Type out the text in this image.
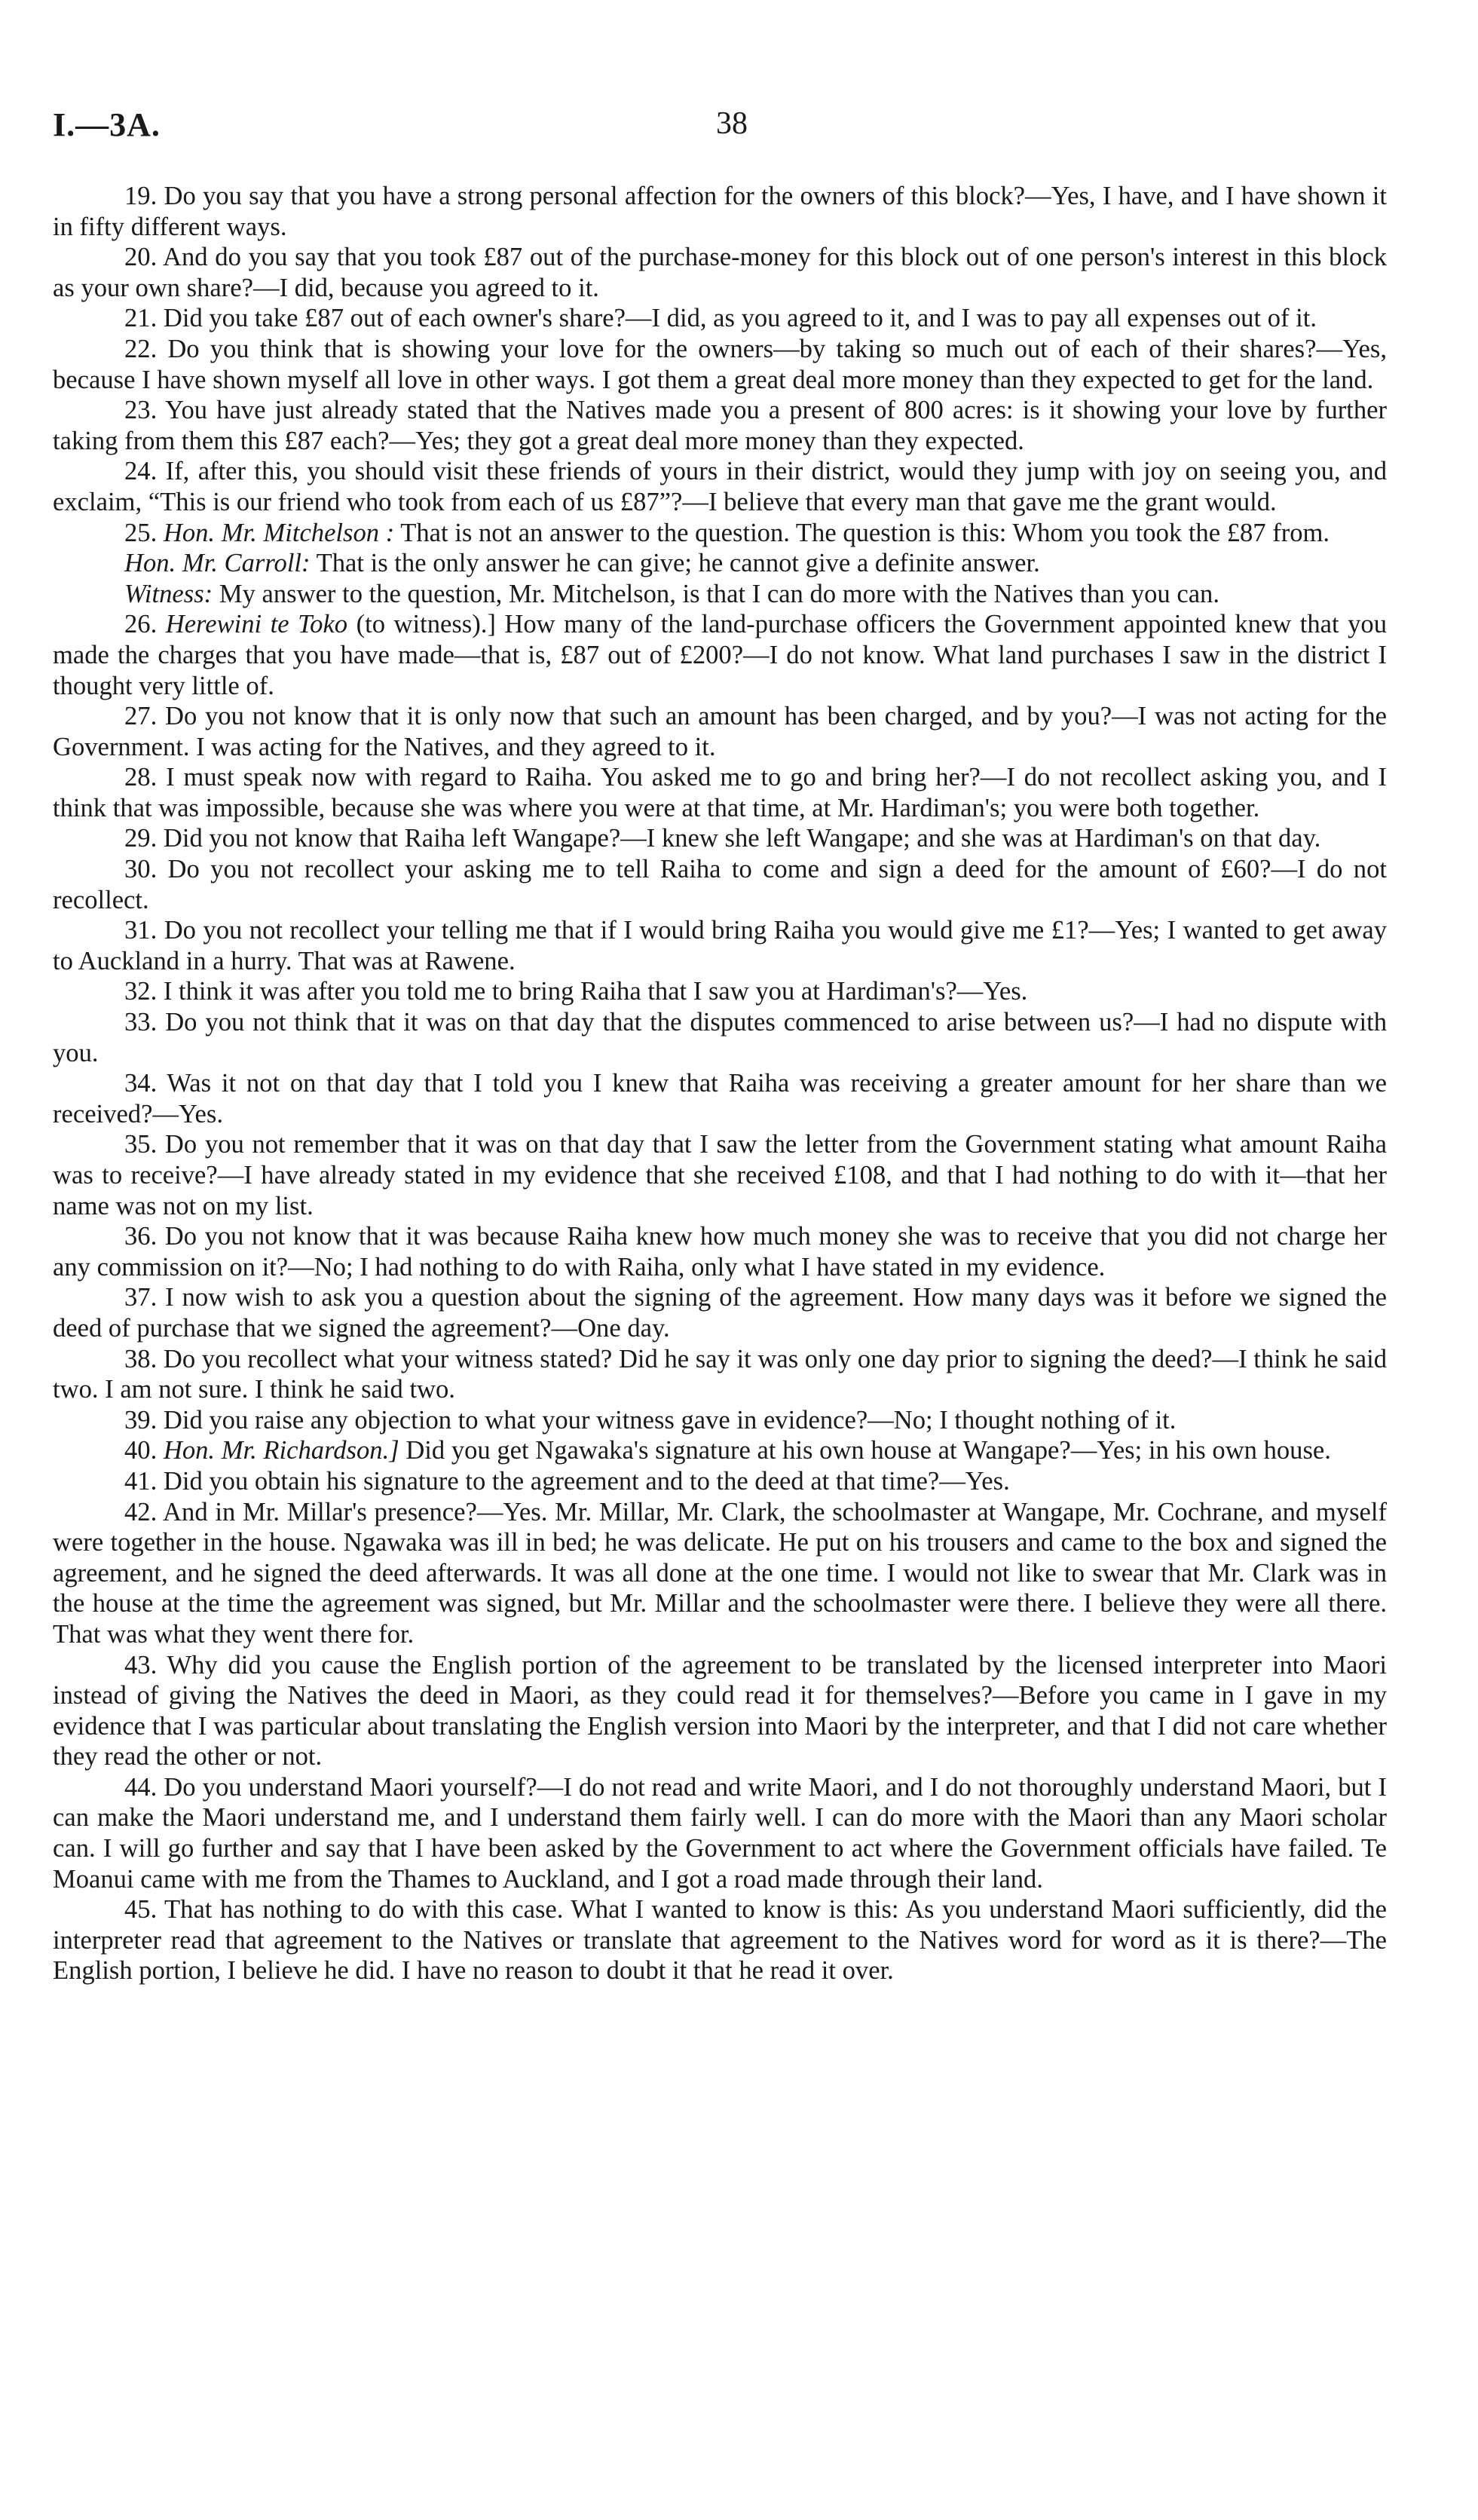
I.—3A.	38

19. Do you say that you have a strong personal affection for the owners of this block?—Yes, I have, and I have shown it in fifty different ways.

20. And do you say that you took £87 out of the purchase-money for this block out of one person's interest in this block as your own share?—I did, because you agreed to it.

21. Did you take £87 out of each owner's share?—I did, as you agreed to it, and I was to pay all expenses out of it.

22. Do you think that is showing your love for the owners—by taking so much out of each of their shares?—Yes, because I have shown myself all love in other ways. I got them a great deal more money than they expected to get for the land.

23. You have just already stated that the Natives made you a present of 800 acres: is it showing your love by further taking from them this £87 each?—Yes; they got a great deal more money than they expected.

24. If, after this, you should visit these friends of yours in their district, would they jump with joy on seeing you, and exclaim, “This is our friend who took from each of us £87”?—I believe that every man that gave me the grant would.

25. Hon. Mr. Mitchelson : That is not an answer to the question. The question is this: Whom you took the £87 from.

Hon. Mr. Carroll: That is the only answer he can give; he cannot give a definite answer.

Witness: My answer to the question, Mr. Mitchelson, is that I can do more with the Natives than you can.

26. Herewini te Toko (to witness).] How many of the land-purchase officers the Government appointed knew that you made the charges that you have made—that is, £87 out of £200?—I do not know. What land purchases I saw in the district I thought very little of.

27. Do you not know that it is only now that such an amount has been charged, and by you?—I was not acting for the Government. I was acting for the Natives, and they agreed to it.

28. I must speak now with regard to Raiha. You asked me to go and bring her?—I do not recollect asking you, and I think that was impossible, because she was where you were at that time, at Mr. Hardiman's; you were both together.

29. Did you not know that Raiha left Wangape?—I knew she left Wangape; and she was at Hardiman's on that day.

30. Do you not recollect your asking me to tell Raiha to come and sign a deed for the amount of £60?—I do not recollect.

31. Do you not recollect your telling me that if I would bring Raiha you would give me £1?—Yes; I wanted to get away to Auckland in a hurry. That was at Rawene.

32. I think it was after you told me to bring Raiha that I saw you at Hardiman's?—Yes.

33. Do you not think that it was on that day that the disputes commenced to arise between us?—I had no dispute with you.

34. Was it not on that day that I told you I knew that Raiha was receiving a greater amount for her share than we received?—Yes.

35. Do you not remember that it was on that day that I saw the letter from the Government stating what amount Raiha was to receive?—I have already stated in my evidence that she received £108, and that I had nothing to do with it—that her name was not on my list.

36. Do you not know that it was because Raiha knew how much money she was to receive that you did not charge her any commission on it?—No; I had nothing to do with Raiha, only what I have stated in my evidence.

37. I now wish to ask you a question about the signing of the agreement. How many days was it before we signed the deed of purchase that we signed the agreement?—One day.

38. Do you recollect what your witness stated? Did he say it was only one day prior to signing the deed?—I think he said two. I am not sure. I think he said two.

39. Did you raise any objection to what your witness gave in evidence?—No; I thought nothing of it.

40. Hon. Mr. Richardson.] Did you get Ngawaka's signature at his own house at Wangape?—Yes; in his own house.

41. Did you obtain his signature to the agreement and to the deed at that time?—Yes.

42. And in Mr. Millar's presence?—Yes. Mr. Millar, Mr. Clark, the schoolmaster at Wangape, Mr. Cochrane, and myself were together in the house. Ngawaka was ill in bed; he was delicate. He put on his trousers and came to the box and signed the agreement, and he signed the deed afterwards. It was all done at the one time. I would not like to swear that Mr. Clark was in the house at the time the agreement was signed, but Mr. Millar and the schoolmaster were there. I believe they were all there. That was what they went there for.

43. Why did you cause the English portion of the agreement to be translated by the licensed interpreter into Maori instead of giving the Natives the deed in Maori, as they could read it for themselves?—Before you came in I gave in my evidence that I was particular about translating the English version into Maori by the interpreter, and that I did not care whether they read the other or not.

44. Do you understand Maori yourself?—I do not read and write Maori, and I do not thoroughly understand Maori, but I can make the Maori understand me, and I understand them fairly well. I can do more with the Maori than any Maori scholar can. I will go further and say that I have been asked by the Government to act where the Government officials have failed. Te Moanui came with me from the Thames to Auckland, and I got a road made through their land.

45. That has nothing to do with this case. What I wanted to know is this: As you understand Maori sufficiently, did the interpreter read that agreement to the Natives or translate that agreement to the Natives word for word as it is there?—The English portion, I believe he did. I have no reason to doubt it that he read it over.
